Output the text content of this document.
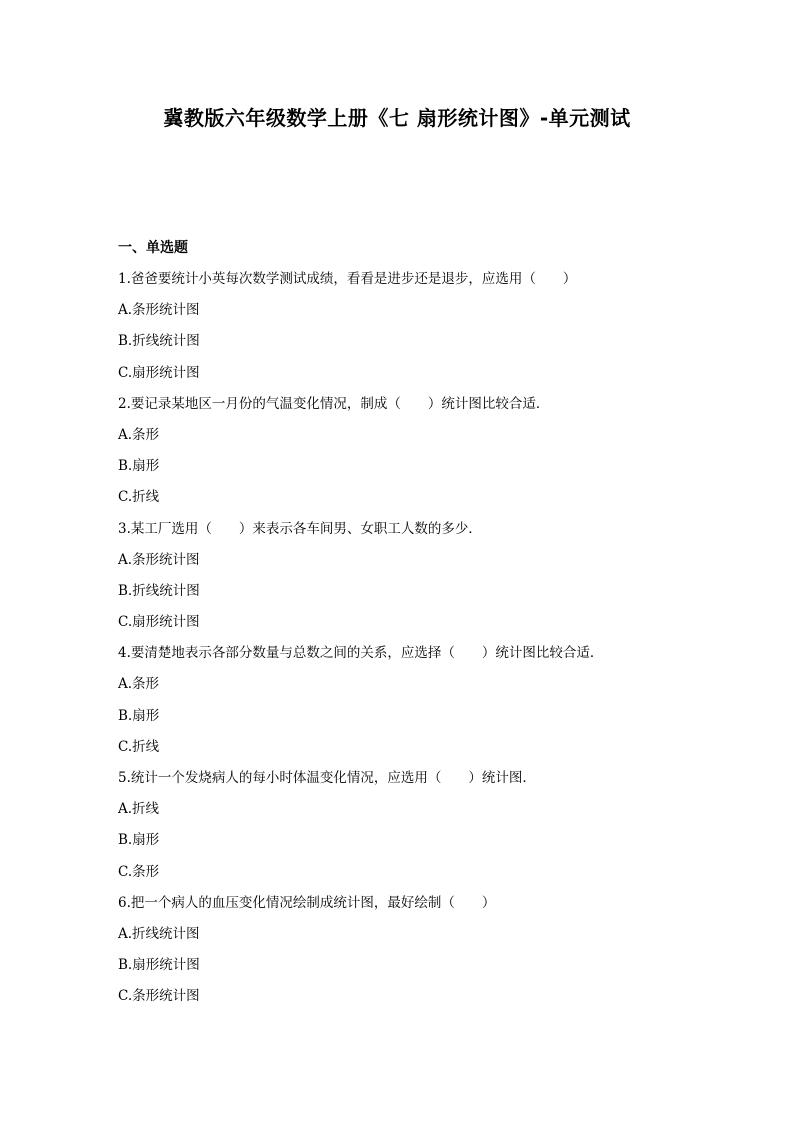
冀教版六年级数学上册《七 扇形统计图》-单元测试
一、单选题
1.爸爸要统计小英每次数学测试成绩，看看是进步还是退步，应选用（　　）
A.条形统计图
B.折线统计图
C.扇形统计图
2.要记录某地区一月份的气温变化情况，制成（　　）统计图比较合适．
A.条形
B.扇形
C.折线
3.某工厂选用（　　）来表示各车间男、女职工人数的多少．
A.条形统计图
B.折线统计图
C.扇形统计图
4.要清楚地表示各部分数量与总数之间的关系，应选择（　　）统计图比较合适．
A.条形
B.扇形
C.折线
5.统计一个发烧病人的每小时体温变化情况，应选用（　　）统计图．
A.折线
B.扇形
C.条形
6.把一个病人的血压变化情况绘制成统计图，最好绘制（　　）
A.折线统计图
B.扇形统计图
C.条形统计图
